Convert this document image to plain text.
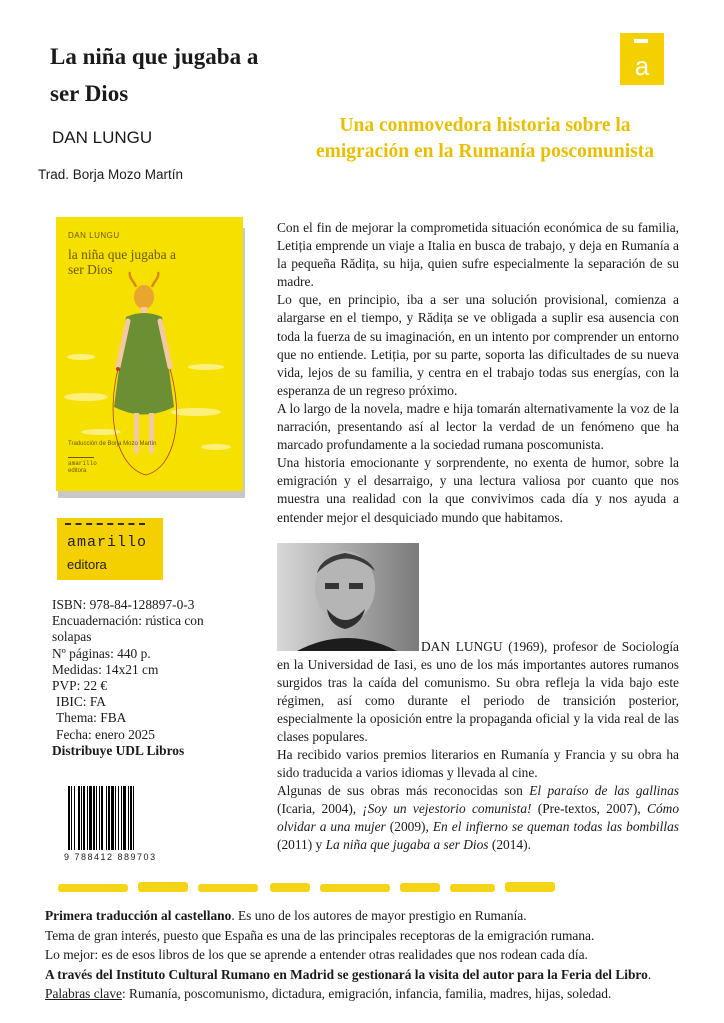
La niña que jugaba a ser Dios
DAN LUNGU
Trad. Borja Mozo Martín
a
Una conmovedora historia sobre la emigración en la Rumanía poscomunista

Con el fin de mejorar la comprometida situación económica de su familia, Letiția emprende un viaje a Italia en busca de trabajo, y deja en Rumanía a la pequeña Rădița, su hija, quien sufre especialmente la separación de su madre.

Lo que, en principio, iba a ser una solución provisional, comienza a alargarse en el tiempo, y Rădița se ve obligada a suplir esa ausencia con toda la fuerza de su imaginación, en un intento por comprender un entorno que no entiende. Letiția, por su parte, soporta las dificultades de su nueva vida, lejos de su familia, y centra en el trabajo todas sus energías, con la esperanza de un regreso próximo.

A lo largo de la novela, madre e hija tomarán alternativamente la voz de la narración, presentando así al lector la verdad de un fenómeno que ha marcado profundamente a la sociedad rumana poscomunista.

Una historia emocionante y sorprendente, no exenta de humor, sobre la emigración y el desarraigo, y una lectura valiosa por cuanto que nos muestra una realidad con la que convivimos cada día y nos ayuda a entender mejor el desquiciado mundo que habitamos.

DAN LUNGU
la niña que jugaba a ser Dios
Traducción de Borja Mozo Martín
amarillo
editora
amarillo
editora
ISBN: 978-84-128897-0-3
Encuadernación: rústica con solapas
Nº páginas: 440 p.
Medidas: 14x21 cm
PVP: 22 €
IBIC: FA
Thema: FBA
Fecha: enero 2025
Distribuye UDL Libros

DAN LUNGU (1969), profesor de Sociología en la Universidad de Iasi, es uno de los más importantes autores rumanos surgidos tras la caída del comunismo. Su obra refleja la vida bajo este régimen, así como durante el periodo de transición posterior, especialmente la oposición entre la propaganda oficial y la vida real de las clases populares.

Ha recibido varios premios literarios en Rumanía y Francia y su obra ha sido traducida a varios idiomas y llevada al cine.

Algunas de sus obras más reconocidas son El paraíso de las gallinas (Icaria, 2004), ¡Soy un vejestorio comunista! (Pre-textos, 2007), Cómo olvidar a una mujer (2009), En el infierno se queman todas las bombillas (2011) y La niña que jugaba a ser Dios (2014).

9 788412 889703

Primera traducción al castellano. Es uno de los autores de mayor prestigio en Rumanía.

Tema de gran interés, puesto que España es una de las principales receptoras de la emigración rumana.

Lo mejor: es de esos libros de los que se aprende a entender otras realidades que nos rodean cada día.

A través del Instituto Cultural Rumano en Madrid se gestionará la visita del autor para la Feria del Libro.

Palabras clave: Rumanía, poscomunismo, dictadura, emigración, infancia, familia, madres, hijas, soledad.
